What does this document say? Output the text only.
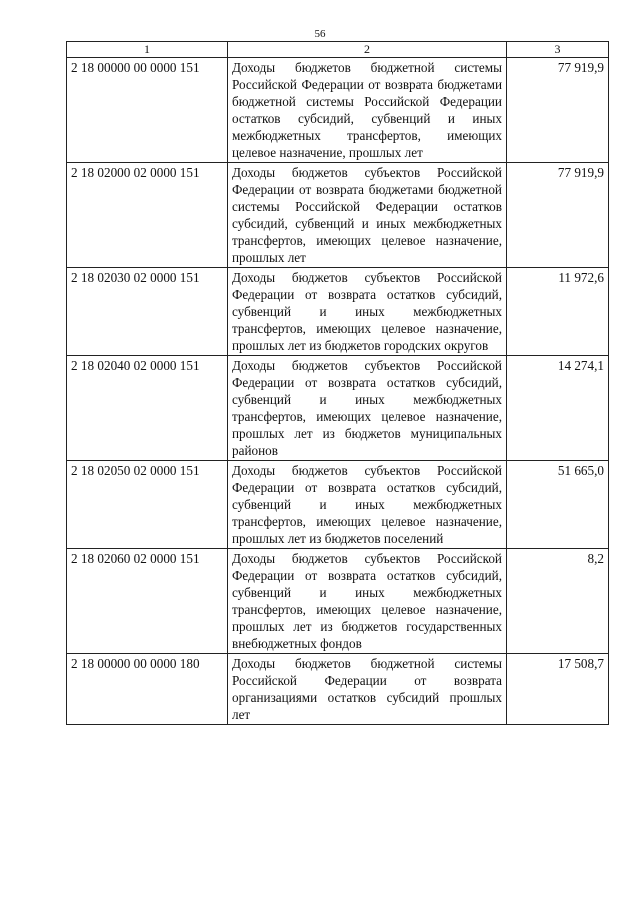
56
1	2	3
2 18 00000 00 0000 151	Доходы бюджетов бюджетной системы Российской Федерации от возврата бюджетами бюджетной системы Российской Федерации остатков субсидий, субвенций и иных межбюджетных трансфертов, имеющих целевое назначение, прошлых лет	77 919,9
2 18 02000 02 0000 151	Доходы бюджетов субъектов Российской Федерации от возврата бюджетами бюджетной системы Российской Федерации остатков субсидий, субвенций и иных межбюджетных трансфертов, имеющих целевое назначение, прошлых лет	77 919,9
2 18 02030 02 0000 151	Доходы бюджетов субъектов Российской Федерации от возврата остатков субсидий, субвенций и иных межбюджетных трансфертов, имеющих целевое назначение, прошлых лет из бюджетов городских округов	11 972,6
2 18 02040 02 0000 151	Доходы бюджетов субъектов Российской Федерации от возврата остатков субсидий, субвенций и иных межбюджетных трансфертов, имеющих целевое назначение, прошлых лет из бюджетов муниципальных районов	14 274,1
2 18 02050 02 0000 151	Доходы бюджетов субъектов Российской Федерации от возврата остатков субсидий, субвенций и иных межбюджетных трансфертов, имеющих целевое назначение, прошлых лет из бюджетов поселений	51 665,0
2 18 02060 02 0000 151	Доходы бюджетов субъектов Российской Федерации от возврата остатков субсидий, субвенций и иных межбюджетных трансфертов, имеющих целевое назначение, прошлых лет из бюджетов государственных внебюджетных фондов	8,2
2 18 00000 00 0000 180	Доходы бюджетов бюджетной системы Российской Федерации от возврата организациями остатков субсидий прошлых лет	17 508,7
